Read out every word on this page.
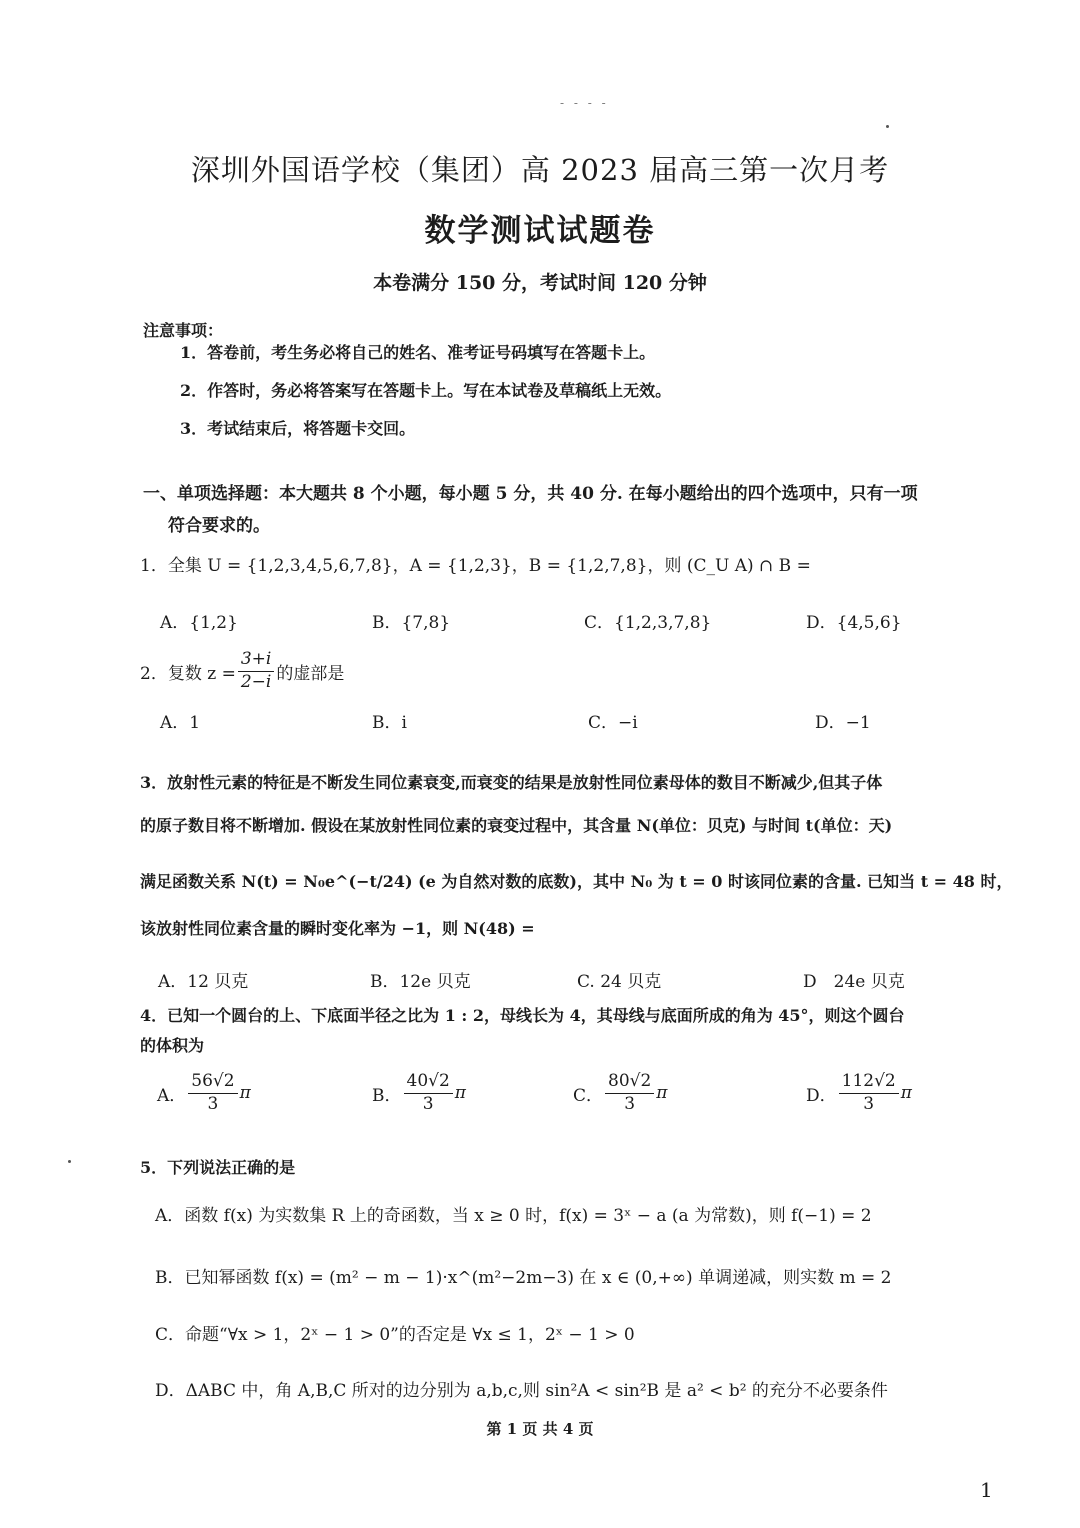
- - - -
深圳外国语学校（集团）高 2023 届高三第一次月考
数学测试试题卷
本卷满分 150 分，考试时间 120 分钟
注意事项：
1．答卷前，考生务必将自己的姓名、准考证号码填写在答题卡上。
2．作答时，务必将答案写在答题卡上。写在本试卷及草稿纸上无效。
3．考试结束后，将答题卡交回。
一、单项选择题：本大题共 8 个小题，每小题 5 分，共 40 分. 在每小题给出的四个选项中，只有一项
符合要求的。
1．全集 U = {1,2,3,4,5,6,7,8}，A = {1,2,3}，B = {1,2,7,8}，则 (C_U A) ∩ B =
A．{1,2}	B．{7,8}	C．{1,2,3,7,8}	D．{4,5,6}
2．复数 $z = \frac{3+i}{2-i}$ 的虚部是
A．1	B．i	C．−i	D．−1
3．放射性元素的特征是不断发生同位素衰变,而衰变的结果是放射性同位素母体的数目不断减少,但其子体
的原子数目将不断增加. 假设在某放射性同位素的衰变过程中，其含量 N(单位：贝克) 与时间 t(单位：天)
满足函数关系 N(t) = N₀e^(−t/24) (e 为自然对数的底数)，其中 N₀ 为 t = 0 时该同位素的含量. 已知当 t = 48 时，
该放射性同位素含量的瞬时变化率为 −1，则 N(48) =
A．12 贝克	B．12e 贝克	C. 24 贝克	D　24e 贝克
4．已知一个圆台的上、下底面半径之比为 1 : 2，母线长为 4，其母线与底面所成的角为 45°，则这个圆台
的体积为
A． $\frac{56√2}{3}$ π	B． $\frac{40√2}{3}$ π	C． $\frac{80√2}{3}$ π	D． $\frac{112√2}{3}$ π
5．下列说法正确的是
A．函数 f(x) 为实数集 R 上的奇函数，当 x ≥ 0 时，f(x) = 3ˣ − a (a 为常数)，则 f(−1) = 2
B．已知幂函数 f(x) = (m² − m − 1)·x^(m²−2m−3) 在 x ∈ (0,+∞) 单调递减，则实数 m = 2
C．命题“∀x > 1，2ˣ − 1 > 0”的否定是 ∀x ≤ 1，2ˣ − 1 > 0
D．ΔABC 中，角 A,B,C 所对的边分别为 a,b,c,则 sin²A < sin²B 是 a² < b² 的充分不必要条件
第 1 页 共 4 页
1
